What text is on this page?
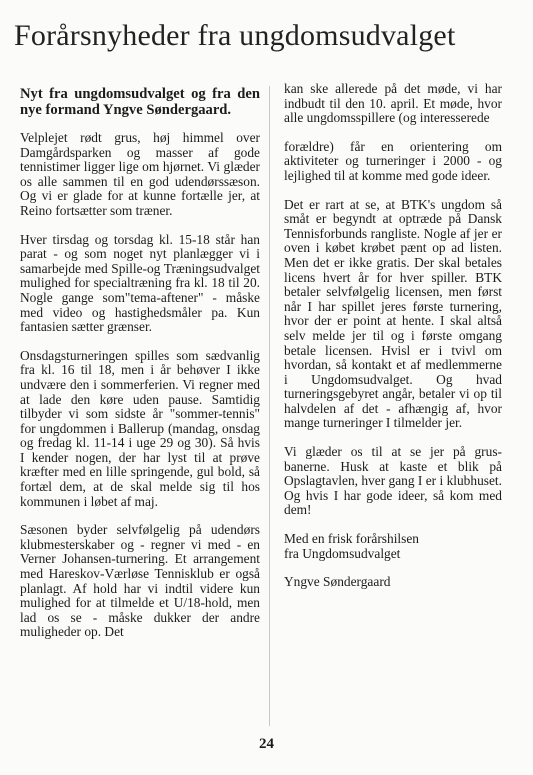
Forårsnyheder fra ungdomsudvalget
Nyt fra ungdomsudvalget og fra den nye formand Yngve Søndergaard.

Velplejet rødt grus, høj himmel over Damgårdsparken og masser af gode tennistimer ligger lige om hjørnet. Vi glæder os alle sammen til en god udendørssæson. Og vi er glade for at kunne fortælle jer, at Reino fortsætter som træner.

Hver tirsdag og torsdag kl. 15-18 står han parat - og som noget nyt planlægger vi i samarbejde med Spille-og Træningsudvalget mulighed for specialtræning fra kl. 18 til 20. Nogle gange som"tema-aftener" - måske med video og hastighedsmåler pa. Kun fantasien sætter grænser.

Onsdagsturneringen spilles som sædvanlig fra kl. 16 til 18, men i år behøver I ikke undvære den i sommerferien. Vi regner med at lade den køre uden pause. Samtidig tilbyder vi som sidste år "sommer-tennis" for ungdommen i Ballerup (mandag, onsdag og fredag kl. 11-14 i uge 29 og 30). Så hvis I kender nogen, der har lyst til at prøve kræfter med en lille springende, gul bold, så fortæl dem, at de skal melde sig til hos kommunen i løbet af maj.

Sæsonen byder selvfølgelig på udendørs klubmesterskaber og - regner vi med - en Verner Johansen-turnering. Et arrangement med Hareskov-Værløse Tennisklub er også planlagt. Af hold har vi indtil videre kun mulighed for at tilmelde et U/18-hold, men lad os se - måske dukker der andre muligheder op. Det

kan ske allerede på det møde, vi har indbudt til den 10. april. Et møde, hvor alle ungdomsspillere (og interesserede

forældre) får en orientering om aktiviteter og turneringer i 2000 - og lejlighed til at komme med gode ideer.

Det er rart at se, at BTK's ungdom så småt er begyndt at optræde på Dansk Tennisforbunds rangliste. Nogle af jer er oven i købet krøbet pænt op ad listen. Men det er ikke gratis. Der skal betales licens hvert år for hver spiller. BTK betaler selvfølgelig licensen, men først når I har spillet jeres første turnering, hvor der er point at hente. I skal altså selv melde jer til og i første omgang betale licensen. Hvisl er i tvivl om hvordan, så kontakt et af medlemmerne i Ungdomsudvalget. Og hvad turneringsgebyret angår, betaler vi op til halvdelen af det - afhængig af, hvor mange turneringer I tilmelder jer.

Vi glæder os til at se jer på grus-banerne. Husk at kaste et blik på Opslagtavlen, hver gang I er i klubhuset. Og hvis I har gode ideer, så kom med dem!

Med en frisk forårshilsen
fra Ungdomsudvalget
Yngve Søndergaard
24
